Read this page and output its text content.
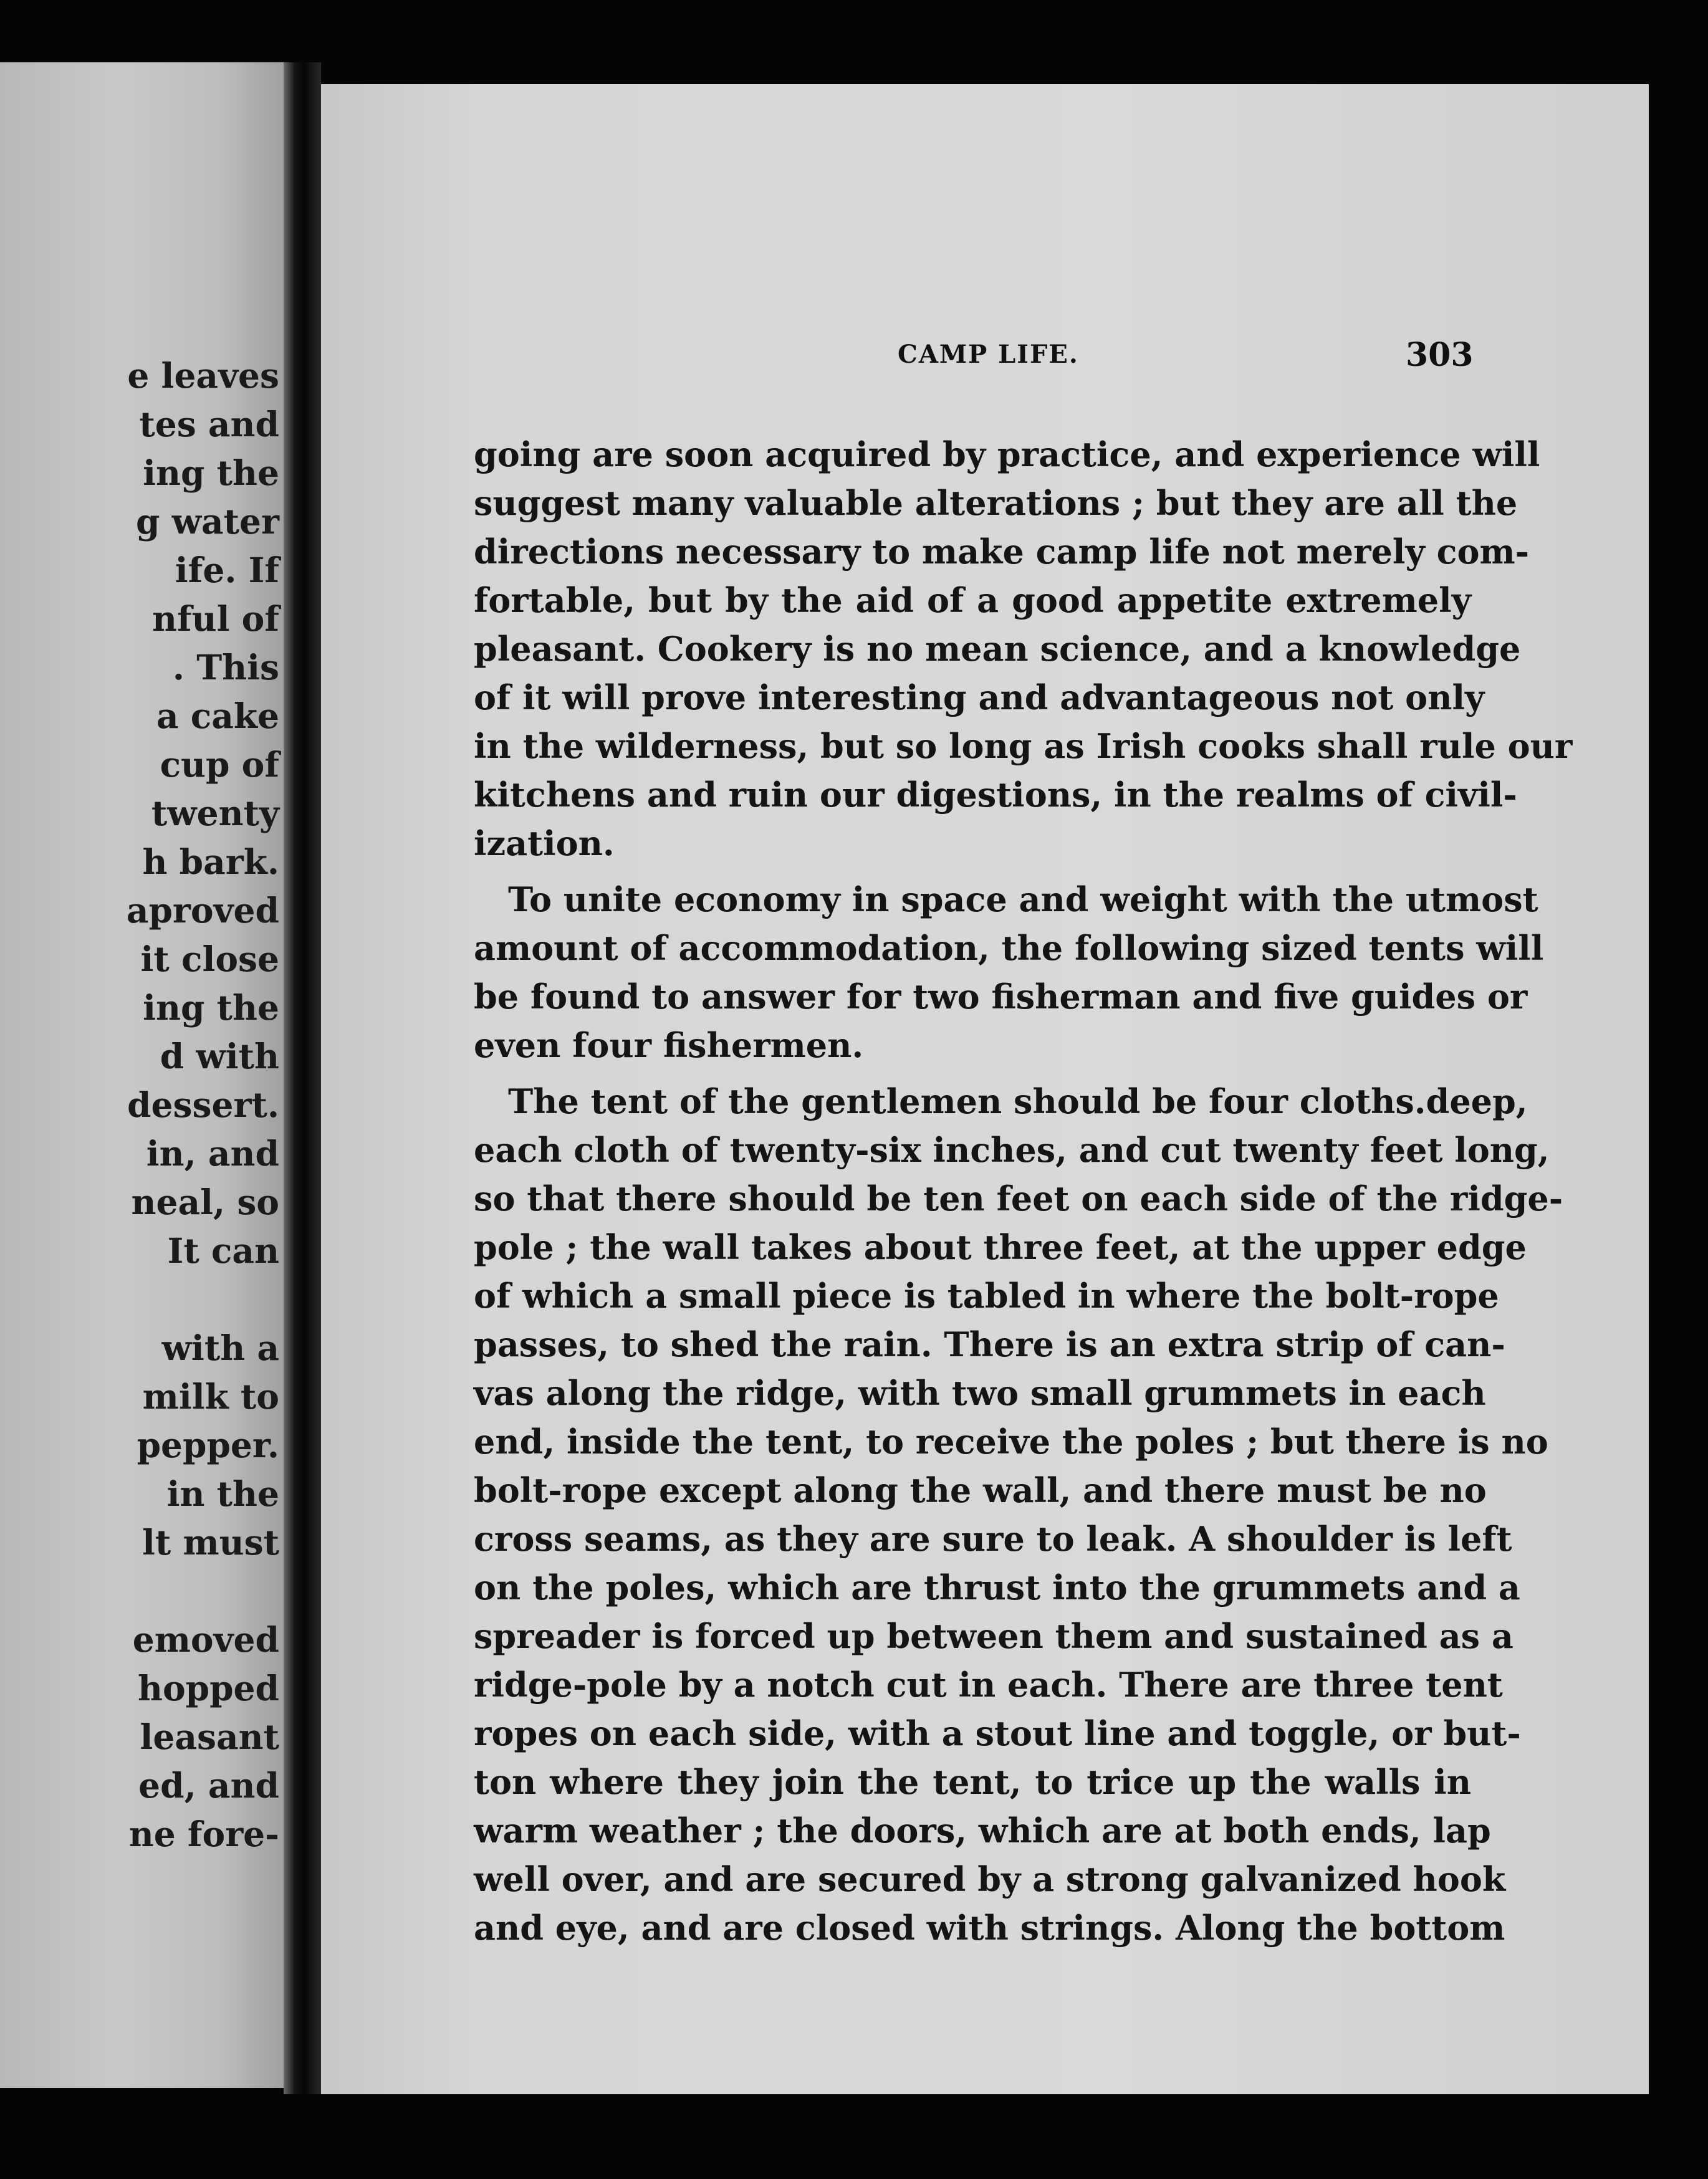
e leaves
tes and
ing the
g water
ife. If
nful of
. This
a cake
cup of
twenty
h bark.
aproved
it close
ing the
d with
dessert.
in, and
neal, so
It can
with a
milk to
pepper.
in the
lt must
emoved
hopped
leasant
ed, and
ne fore-
CAMP LIFE.	303
going are soon acquired by practice, and experience will
suggest many valuable alterations ; but they are all the
directions necessary to make camp life not merely com-
fortable, but by the aid of a good appetite extremely
pleasant. Cookery is no mean science, and a knowledge
of it will prove interesting and advantageous not only
in the wilderness, but so long as Irish cooks shall rule our
kitchens and ruin our digestions, in the realms of civil-
ization.
To unite economy in space and weight with the utmost
amount of accommodation, the following sized tents will
be found to answer for two fisherman and five guides or
even four fishermen.
The tent of the gentlemen should be four cloths.deep,
each cloth of twenty-six inches, and cut twenty feet long,
so that there should be ten feet on each side of the ridge-
pole ; the wall takes about three feet, at the upper edge
of which a small piece is tabled in where the bolt-rope
passes, to shed the rain. There is an extra strip of can-
vas along the ridge, with two small grummets in each
end, inside the tent, to receive the poles ; but there is no
bolt-rope except along the wall, and there must be no
cross seams, as they are sure to leak. A shoulder is left
on the poles, which are thrust into the grummets and a
spreader is forced up between them and sustained as a
ridge-pole by a notch cut in each. There are three tent
ropes on each side, with a stout line and toggle, or but-
ton where they join the tent, to trice up the walls in
warm weather ; the doors, which are at both ends, lap
well over, and are secured by a strong galvanized hook
and eye, and are closed with strings. Along the bottom
